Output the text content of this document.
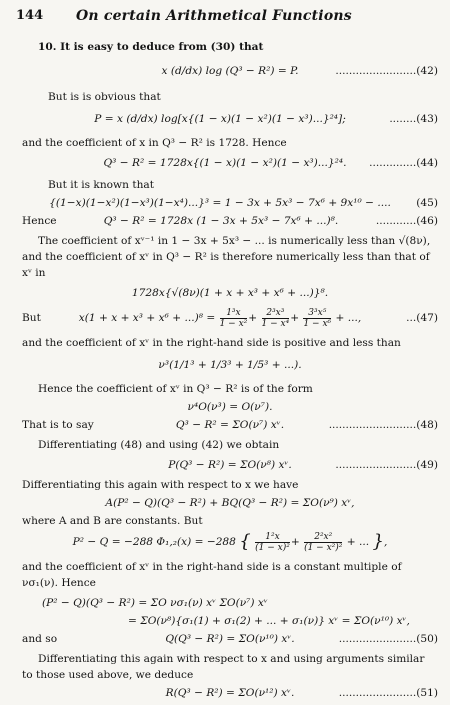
144 On certain Arithmetical Functions
10. It is easy to deduce from (30) that
x (d/dx) log (Q³ − R²) = P.	........................(42)
But is is obvious that
P = x (d/dx) log[x{(1 − x)(1 − x²)(1 − x³)...}²⁴];	........(43)
and the coefficient of x in Q³ − R² is 1728. Hence
Q³ − R² = 1728x{(1 − x)(1 − x²)(1 − x³)...}²⁴.	..............(44)
But it is known that
{(1−x)(1−x²)(1−x³)(1−x⁴)...}³ = 1 − 3x + 5x³ − 7x⁶ + 9x¹⁰ − ....	(45)
Hence	Q³ − R² = 1728x (1 − 3x + 5x³ − 7x⁶ + ...)⁸.	............(46)
The coefficient of xᵛ⁻¹ in 1 − 3x + 5x³ − ... is numerically less than √(8ν),
and the coefficient of xᵛ in Q³ − R² is therefore numerically less than that of
xᵛ in
1728x{√(8ν)(1 + x + x³ + x⁶ + ...)}⁸.
But	$x(1 + x + x^3 + x^6 + ...)^8 = \frac{\text{1³x}}{\text{1 − x²}} + \frac{\text{2³x³}}{\text{1 − x⁴}} + \frac{\text{3³x⁵}}{\text{1 − x⁶}}$ + ...,	...(47)
and the coefficient of xᵛ in the right-hand side is positive and less than
ν³(1/1³ + 1/3³ + 1/5³ + ...).
Hence the coefficient of xᵛ in Q³ − R² is of the form
ν⁴O(ν³) = O(ν⁷).
That is to say	Q³ − R² = ΣO(ν⁷) xᵛ.	..........................(48)
Differentiating (48) and using (42) we obtain
P(Q³ − R²) = ΣO(ν⁸) xᵛ.	........................(49)
Differentiating this again with respect to x we have
A(P² − Q)(Q³ − R²) + BQ(Q³ − R²) = ΣO(ν⁹) xᵛ,
where A and B are constants. But
P² − Q = −288 Φ₁,₂(x) = −288 { $\frac{\text{1²x}}{\text{(1 − x)²}} + \frac{\text{2²x²}}{\text{(1 − x²)²}}$ + ... },
and the coefficient of xᵛ in the right-hand side is a constant multiple of
νσ₁(ν). Hence
(P² − Q)(Q³ − R²) = ΣO νσ₁(ν) xᵛ ΣO(ν⁷) xᵛ
= ΣO(ν⁸){σ₁(1) + σ₁(2) + ... + σ₁(ν)} xᵛ = ΣO(ν¹⁰) xᵛ,
and so	Q(Q³ − R²) = ΣO(ν¹⁰) xᵛ.	.......................(50)
Differentiating this again with respect to x and using arguments similar
to those used above, we deduce
R(Q³ − R²) = ΣO(ν¹²) xᵛ.	.......................(51)
